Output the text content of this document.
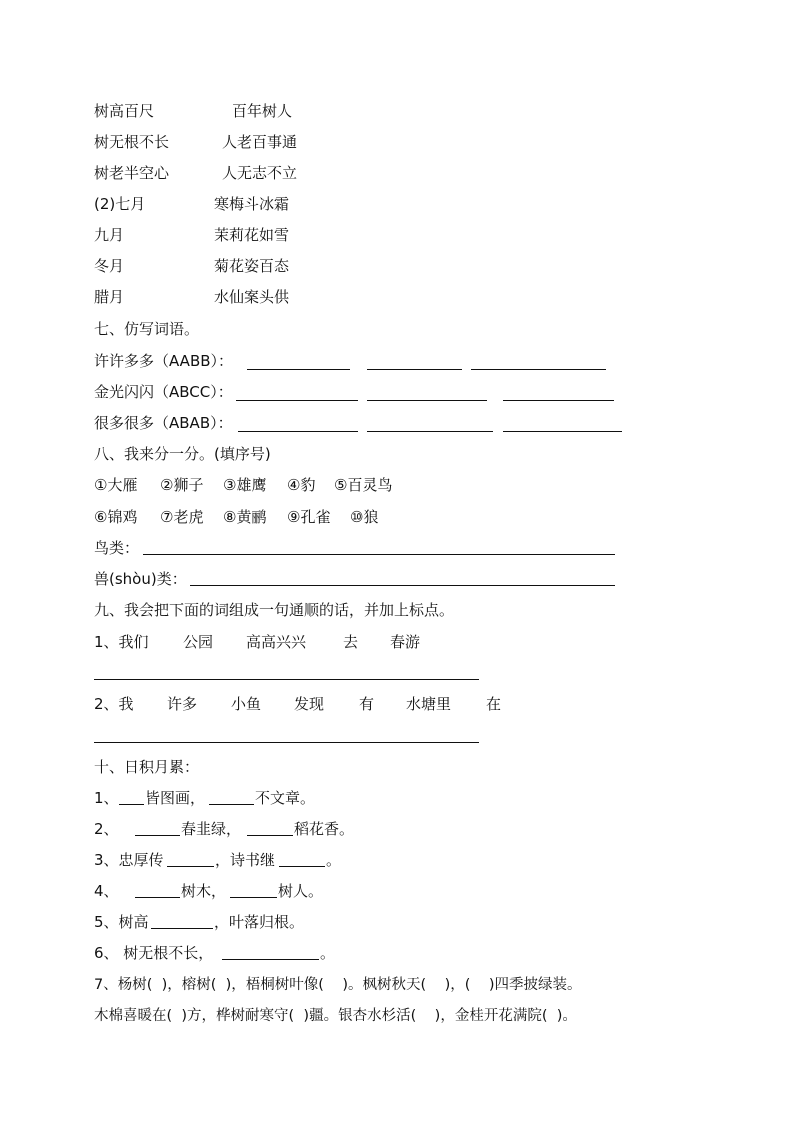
树高百尺	百年树人
树无根不长	人老百事通
树老半空心	人无志不立
(2)七月	寒梅斗冰霜
九月	茉莉花如雪
冬月	菊花姿百态
腊月	水仙案头供
七、仿写词语。
许许多多（AABB）：
金光闪闪（ABCC）：
很多很多（ABAB）：
八、我来分一分。(填序号)
①大雁 ②狮子 ③雄鹰 ④豹 ⑤百灵鸟
⑥锦鸡 ⑦老虎 ⑧黄鹂 ⑨孔雀 ⑩狼
鸟类：
兽(shòu)类：
九、我会把下面的词组成一句通顺的话，并加上标点。
1、我们 公园 高高兴兴 去 春游
2、我 许多 小鱼 发现 有 水塘里 在
十、日积月累：
1、 皆图画，	不文章。
2、	春韭绿，	稻花香。
3、忠厚传	，诗书继	。
4、	树木，	树人。
5、树高	，叶落归根。
6、 树无根不长，	。
7、杨树(  )，榕树(  )，梧桐树叶像(    )。枫树秋天(    )，(    )四季披绿装。
木棉喜暖在(  )方，桦树耐寒守(  )疆。银杏水杉活(    )，金桂开花满院(  )。
